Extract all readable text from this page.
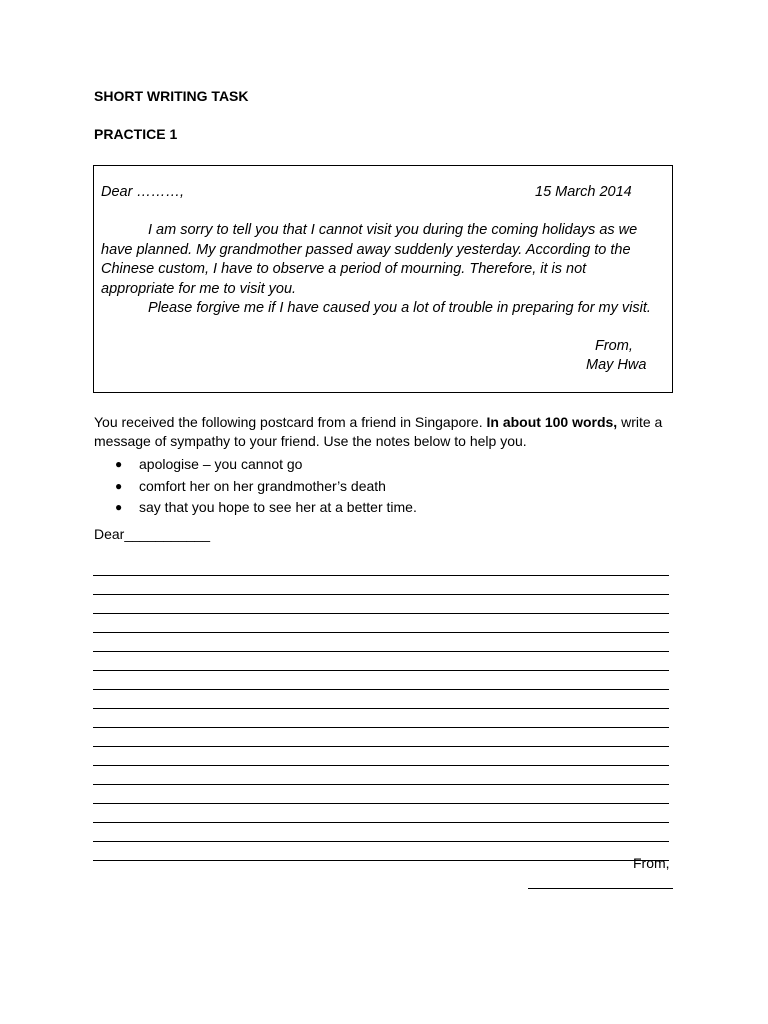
SHORT WRITING TASK
PRACTICE 1
Dear ………,	15 March 2014

I am sorry to tell you that I cannot visit you during the coming holidays as we have planned. My grandmother passed away suddenly yesterday. According to the Chinese custom, I have to observe a period of mourning. Therefore, it is not appropriate for me to visit you.

Please forgive me if I have caused you a lot of trouble in preparing for my visit.

From,
May Hwa

You received the following postcard from a friend in Singapore. In about 100 words, write a message of sympathy to your friend. Use the notes below to help you.

● apologise – you cannot go
● comfort her on her grandmother’s death
● say that you hope to see her at a better time.
Dear___________
From,
